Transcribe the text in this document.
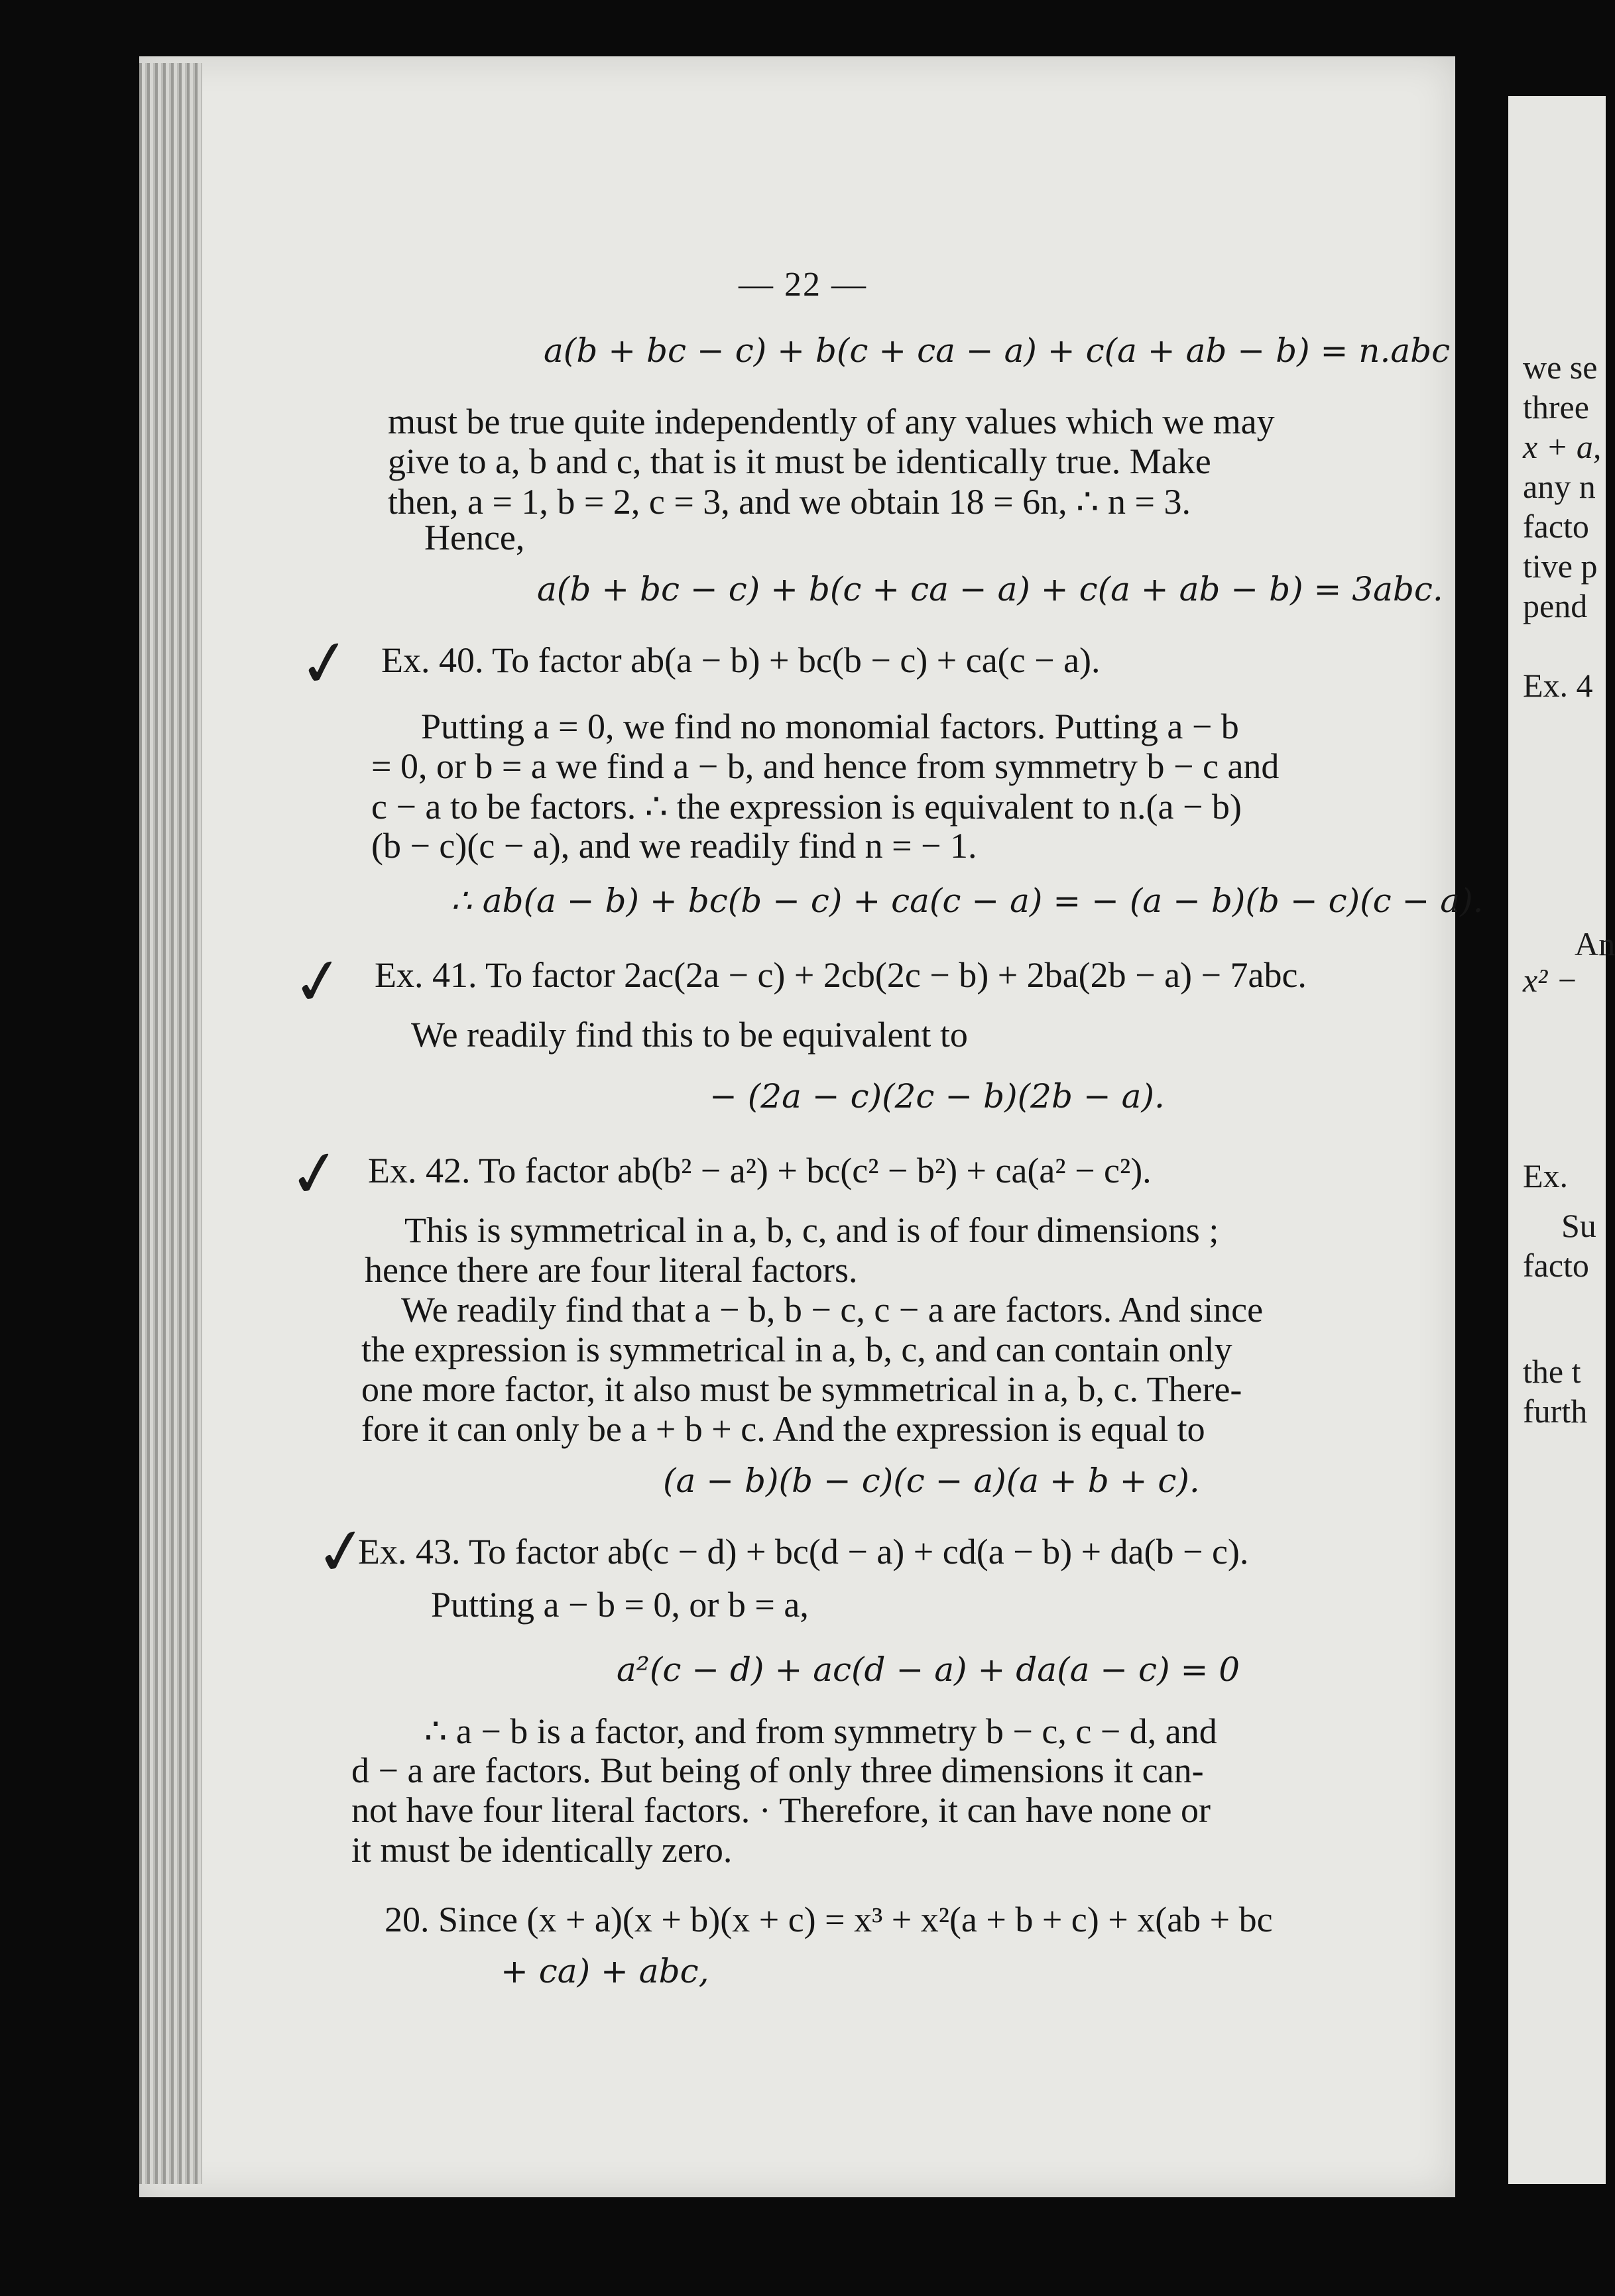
we se
three
x + a,
any n
facto
tive p
pend
Ex. 4
An
x² −
Ex.
Su
facto
the t
furth
— 22 —
a(b + bc − c) + b(c + ca − a) + c(a + ab − b) = n.abc
must be true quite independently of any values which we may
give to a, b and c, that is it must be identically true. Make
then, a = 1, b = 2, c = 3, and we obtain 18 = 6n, ∴ n = 3.
Hence,
a(b + bc − c) + b(c + ca − a) + c(a + ab − b) = 3abc.
✓ Ex. 40. To factor ab(a − b) + bc(b − c) + ca(c − a).
Putting a = 0, we find no monomial factors. Putting a − b
= 0, or b = a we find a − b, and hence from symmetry b − c and
c − a to be factors. ∴ the expression is equivalent to n.(a − b)
(b − c)(c − a), and we readily find n = − 1.
∴ ab(a − b) + bc(b − c) + ca(c − a) = − (a − b)(b − c)(c − a).
✓ Ex. 41. To factor 2ac(2a − c) + 2cb(2c − b) + 2ba(2b − a) − 7abc.
We readily find this to be equivalent to
− (2a − c)(2c − b)(2b − a).
✓ Ex. 42. To factor ab(b² − a²) + bc(c² − b²) + ca(a² − c²).
This is symmetrical in a, b, c, and is of four dimensions ;
hence there are four literal factors.
We readily find that a − b, b − c, c − a are factors. And since
the expression is symmetrical in a, b, c, and can contain only
one more factor, it also must be symmetrical in a, b, c. There-
fore it can only be a + b + c. And the expression is equal to
(a − b)(b − c)(c − a)(a + b + c).
✓
Ex. 43. To factor ab(c − d) + bc(d − a) + cd(a − b) + da(b − c).
Putting a − b = 0, or b = a,
a²(c − d) + ac(d − a) + da(a − c) = 0
∴ a − b is a factor, and from symmetry b − c, c − d, and
d − a are factors. But being of only three dimensions it can-
not have four literal factors. · Therefore, it can have none or
it must be identically zero.
20. Since (x + a)(x + b)(x + c) = x³ + x²(a + b + c) + x(ab + bc
+ ca) + abc,
